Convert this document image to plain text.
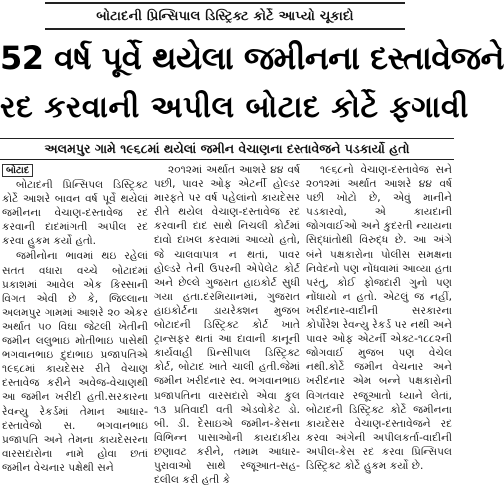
બોટાદની પ્રિન્સિપાલ ડિસ્ટ્રિક્ટ કોર્ટે આપ્યો ચૂકાદો
52 વર્ષ પૂર્વે થયેલા જમીનના દસ્તાવેજને
રદ કરવાની અપીલ બોટાદ કોર્ટે ફગાવી
અલમપુર ગામે ૧૯૬૮માં થયેલાં જમીન વેચાણના દસ્તાવેજને પડકાર્યો હતો
બોટાદ

બોટાદની પ્રિન્સિપલ ડિસ્ટ્રિક્ટ કોર્ટે આશરે બાવન વર્ષ પૂર્વે થયેલાં જમીનના વેચાણ-દસ્તાવેજ રદ કરવાની દાદમાંગતી અપીલ રદ કરવા હુકમ કર્યો હતો.

જમીનોના ભાવમાં થઇ રહેલાં સતત વધારા વચ્ચે બોટાદમાં પ્રકાશમાં આવેલ એક કિસ્સાની વિગત એવી છે કે, જિલ્લાના અલમપુર ગામમાં આશરે ૨૦ એકર અર્થાત ૫૦ વિઘા જેટલી ખેતીની જમીન લલુભાઇ મોતીભાઇ પાસેથી ભગવાનભાઇ દુદાભાઇ પ્રજાપતિએ ૧૯૬૮માં કાયદેસર રીતે વેચાણ દસ્તાવેજ કરીને અવેજ-વેચાણથી આ જમીન ખરીદી હતી.સરકારના રેવન્યુ રેકર્ડમાં તેમાન આધાર-દસ્તાવેજો સ. ભગવાનભાઇ પ્રજાપતિ અને તેમના કાયદેસરના વારસદારોના નામે હોવા છતાં જમીન વેચનાર પક્ષેથી સને

૨૦૧૨માં અર્થાત આશરે ૪૪ વર્ષ પછી, પાવર ઓફ એટર્ની હોલ્ડર મારફતે પર વર્ષ પહેલાંનો કાયદેસર રીતે થયેલ વેચાણ-દસ્તાવેજ રદ કરવાની દાદ સાથે નિચલી કોર્ટમાં દાવો દાખલ કરવામાં આવ્યો હતો, જે ચાલવાપાત્ર ન થતાં, પાવર હોલ્ડરે તેની ઉપરની એપેલેટ કોર્ટ અને છેલ્લે ગુજરાત હાઇકોર્ટ સુધી ગયા હતા.દરમિયાનમાં, ગુજરાત હાઇકોર્ટના ડાયરેક્શન મુજબ બોટાદની ડિસ્ટ્રિક્ટ કોર્ટ ખાતે ટ્રાન્સફર થતાં આ દાવાની કાનૂની કાર્યવાહી પ્રિન્સીપાલ ડિસ્ટ્રિક્ટ કોર્ટ, બોટાદ ખાતે ચાલી હતી.જેમાં જમીન ખરીદનાર સ્વ. ભગવાનભાઇ પ્રજાપતિના વારસદારો એવા કુલ ૧૩ પ્રતિવાદી વતી એડવોકેટ ડો. બી. ડી. દેસાઇએ જમીન-કેસના વિભિન્ન પાસાઓની કાયદાકીય છણાવટ કરીને, તમામ આધાર-પુરાવાઓ સાથે રજૂઆત-સહ-દલીલ કરી હતી કે

૧૯૬૮નો વેચાણ-દસ્તાવેજ સને ૨૦૧૨માં અર્થાત આશરે ૪૪ વર્ષ પછી ખોટો છે, એવું માનીને પડકારવો, એ કાયદાની જોગવાઈઓ અને કુદરતી ન્યાયના સિદ્ધાંતોથી વિરુદ્ધ છે. આ અંગે બંને પક્ષકારોના પોલીસ સમક્ષના નિવેદનો પણ નોંધવામાં આવ્યા હતા પરંતુ, કોઈ ફોજદારી ગુનો પણ નોંધાયો ન હતો. એટલું જ નહીં, ખરીદનાર-વાદીની સરકારના કોર્પોરેશ રેવન્યુ રેકર્ડ પર નથી અને પાવર ઓફ એટર્ની એક્ટ-૧૮૮૨ની જોગવાઈ મુજબ પણ વેચેલ નથી.કોર્ટે જમીન વેચનાર અને ખરીદનાર એમ બન્ને પક્ષકારોની વિગતવાર રજૂઆતો ધ્યાને લેતાં, બોટાદની ડિસ્ટ્રિક્ટ કોર્ટે જમીનના કાયદેસર વેચાણ-દસ્તાવેજને રદ કરવા અંગેની અપીલકર્તા-વાદીની અપીલ-કેસ રદ કરવા પ્રિન્સિપલ ડિસ્ટ્રિક્ટ કોર્ટે હુકમ કર્યો છે.
